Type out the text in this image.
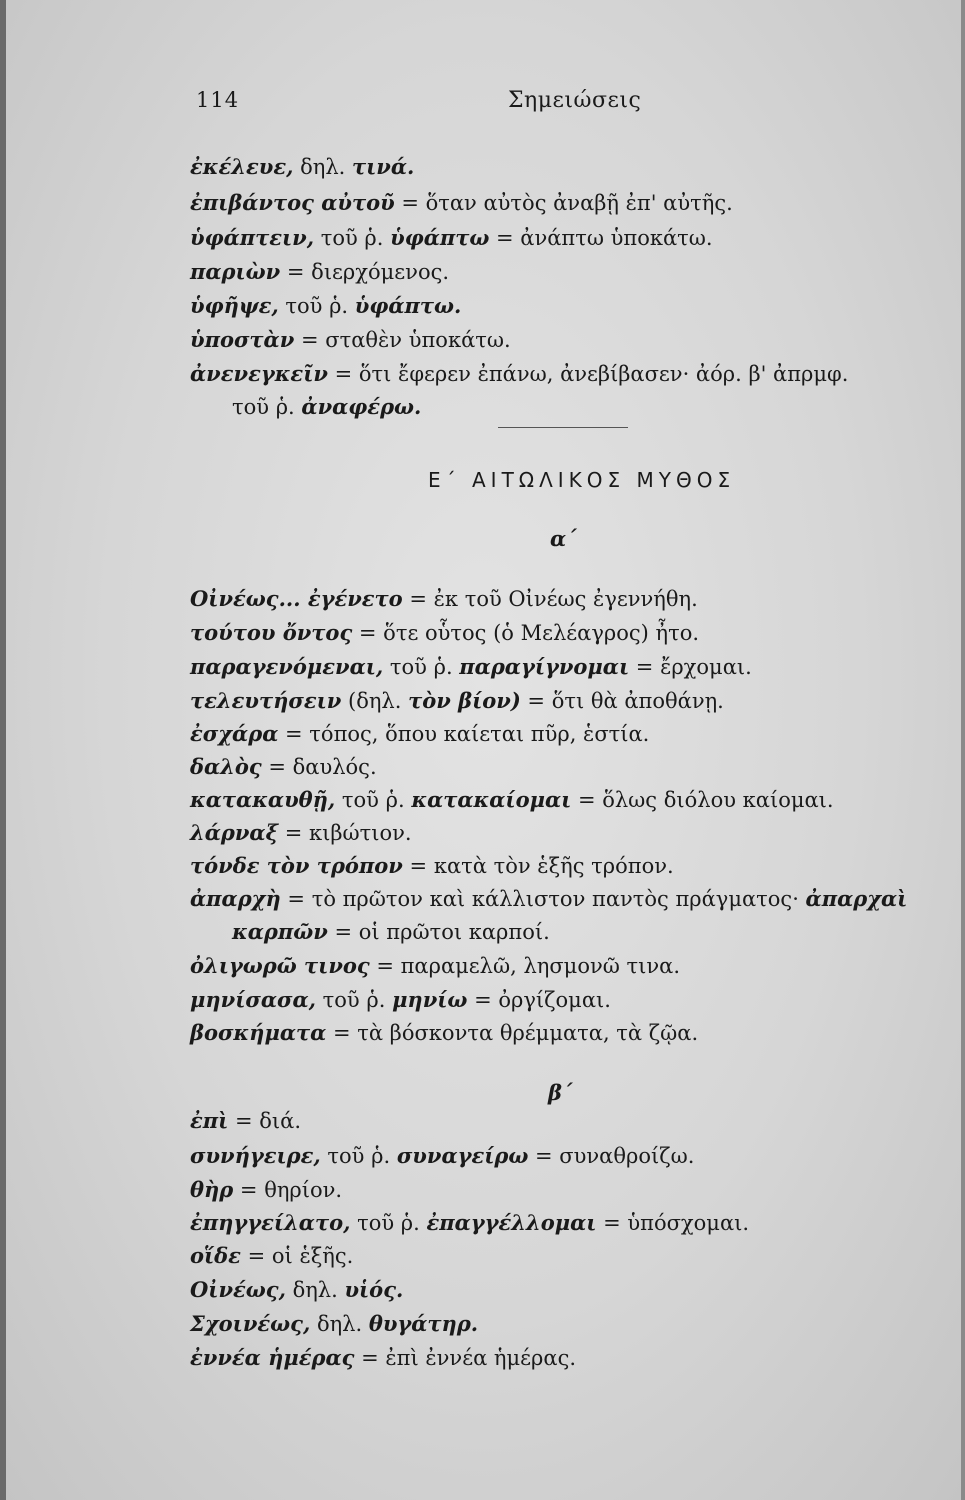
114	Σημειώσεις
ἐκέλευε, δηλ. τινά.
ἐπιβάντος αὐτοῦ = ὅταν αὐτὸς ἀναβῇ ἐπ' αὐτῆς.
ὑφάπτειν, τοῦ ῥ. ὑφάπτω = ἀνάπτω ὑποκάτω.
παριὼν = διερχόμενος.
ὑφῆψε, τοῦ ῥ. ὑφάπτω.
ὑποστὰν = σταθὲν ὑποκάτω.
ἀνενεγκεῖν = ὅτι ἔφερεν ἐπάνω, ἀνεβίβασεν· ἀόρ. β' ἀπρμφ.
τοῦ ῥ. ἀναφέρω.
Ε΄ ΑΙΤΩΛΙΚΟΣ ΜΥΘΟΣ
α΄
Οἰνέως... ἐγένετο = ἐκ τοῦ Οἰνέως ἐγεννήθη.
τούτου ὄντος = ὅτε οὗτος (ὁ Μελέαγρος) ἦτο.
παραγενόμεναι, τοῦ ῥ. παραγίγνομαι = ἔρχομαι.
τελευτήσειν (δηλ. τὸν βίον) = ὅτι θὰ ἀποθάνῃ.
ἐσχάρα = τόπος, ὅπου καίεται πῦρ, ἑστία.
δαλὸς = δαυλός.
κατακαυθῇ, τοῦ ῥ. κατακαίομαι = ὅλως διόλου καίομαι.
λάρναξ = κιβώτιον.
τόνδε τὸν τρόπον = κατὰ τὸν ἑξῆς τρόπον.
ἀπαρχὴ = τὸ πρῶτον καὶ κάλλιστον παντὸς πράγματος· ἀπαρχαὶ
καρπῶν = οἱ πρῶτοι καρποί.
ὀλιγωρῶ τινος = παραμελῶ, λησμονῶ τινα.
μηνίσασα, τοῦ ῥ. μηνίω = ὀργίζομαι.
βοσκήματα = τὰ βόσκοντα θρέμματα, τὰ ζῷα.
β΄
ἐπὶ = διά.
συνήγειρε, τοῦ ῥ. συναγείρω = συναθροίζω.
θὴρ = θηρίον.
ἐπηγγείλατο, τοῦ ῥ. ἐπαγγέλλομαι = ὑπόσχομαι.
οἵδε = οἱ ἑξῆς.
Οἰνέως, δηλ. υἱός.
Σχοινέως, δηλ. θυγάτηρ.
ἐννέα ἡμέρας = ἐπὶ ἐννέα ἡμέρας.
